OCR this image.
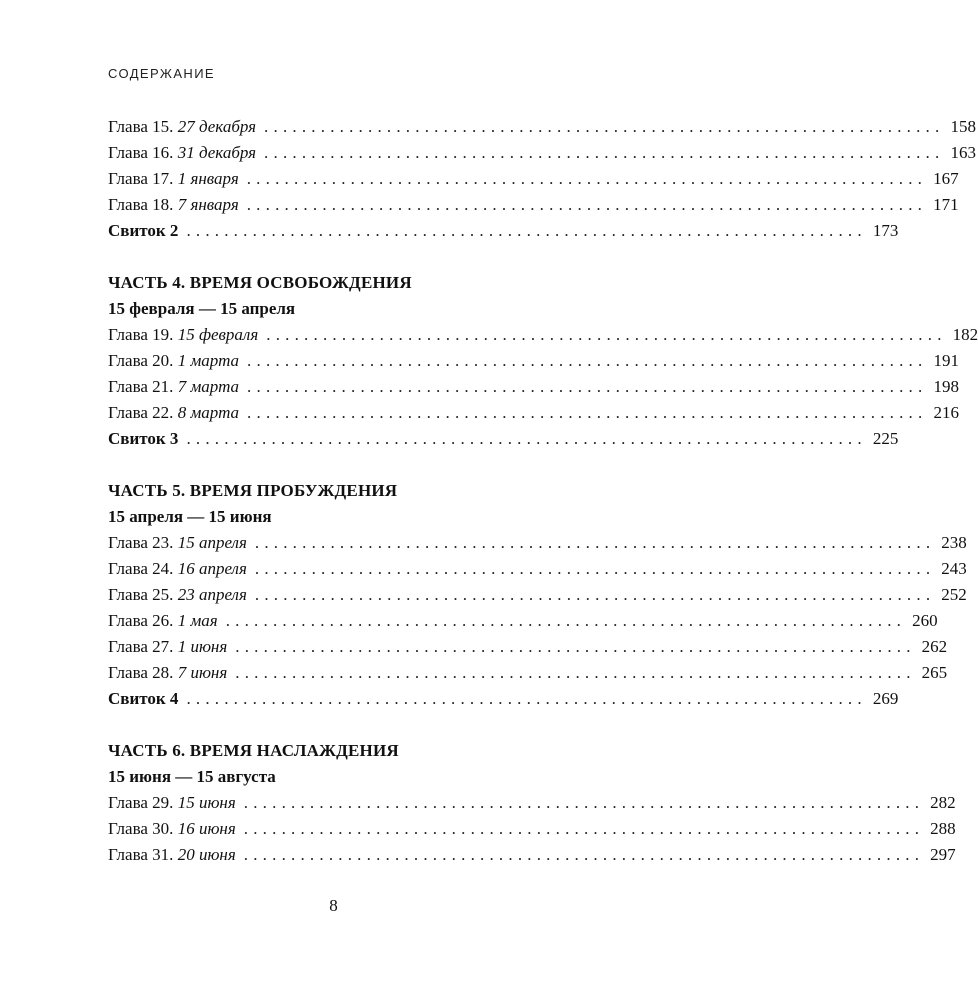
СОДЕРЖАНИЕ
Глава 15. 27 декабря ........................................................................ 158
Глава 16. 31 декабря ........................................................................ 163
Глава 17. 1 января ........................................................................ 167
Глава 18. 7 января ........................................................................ 171
Свиток 2 ........................................................................ 173
ЧАСТЬ 4. ВРЕМЯ ОСВОБОЖДЕНИЯ
15 февраля — 15 апреля
Глава 19. 15 февраля ........................................................................ 182
Глава 20. 1 марта ........................................................................ 191
Глава 21. 7 марта ........................................................................ 198
Глава 22. 8 марта ........................................................................ 216
Свиток 3 ........................................................................ 225
ЧАСТЬ 5. ВРЕМЯ ПРОБУЖДЕНИЯ
15 апреля — 15 июня
Глава 23. 15 апреля ........................................................................ 238
Глава 24. 16 апреля ........................................................................ 243
Глава 25. 23 апреля ........................................................................ 252
Глава 26. 1 мая ........................................................................ 260
Глава 27. 1 июня ........................................................................ 262
Глава 28. 7 июня ........................................................................ 265
Свиток 4 ........................................................................ 269
ЧАСТЬ 6. ВРЕМЯ НАСЛАЖДЕНИЯ
15 июня — 15 августа
Глава 29. 15 июня ........................................................................ 282
Глава 30. 16 июня ........................................................................ 288
Глава 31. 20 июня ........................................................................ 297
8
